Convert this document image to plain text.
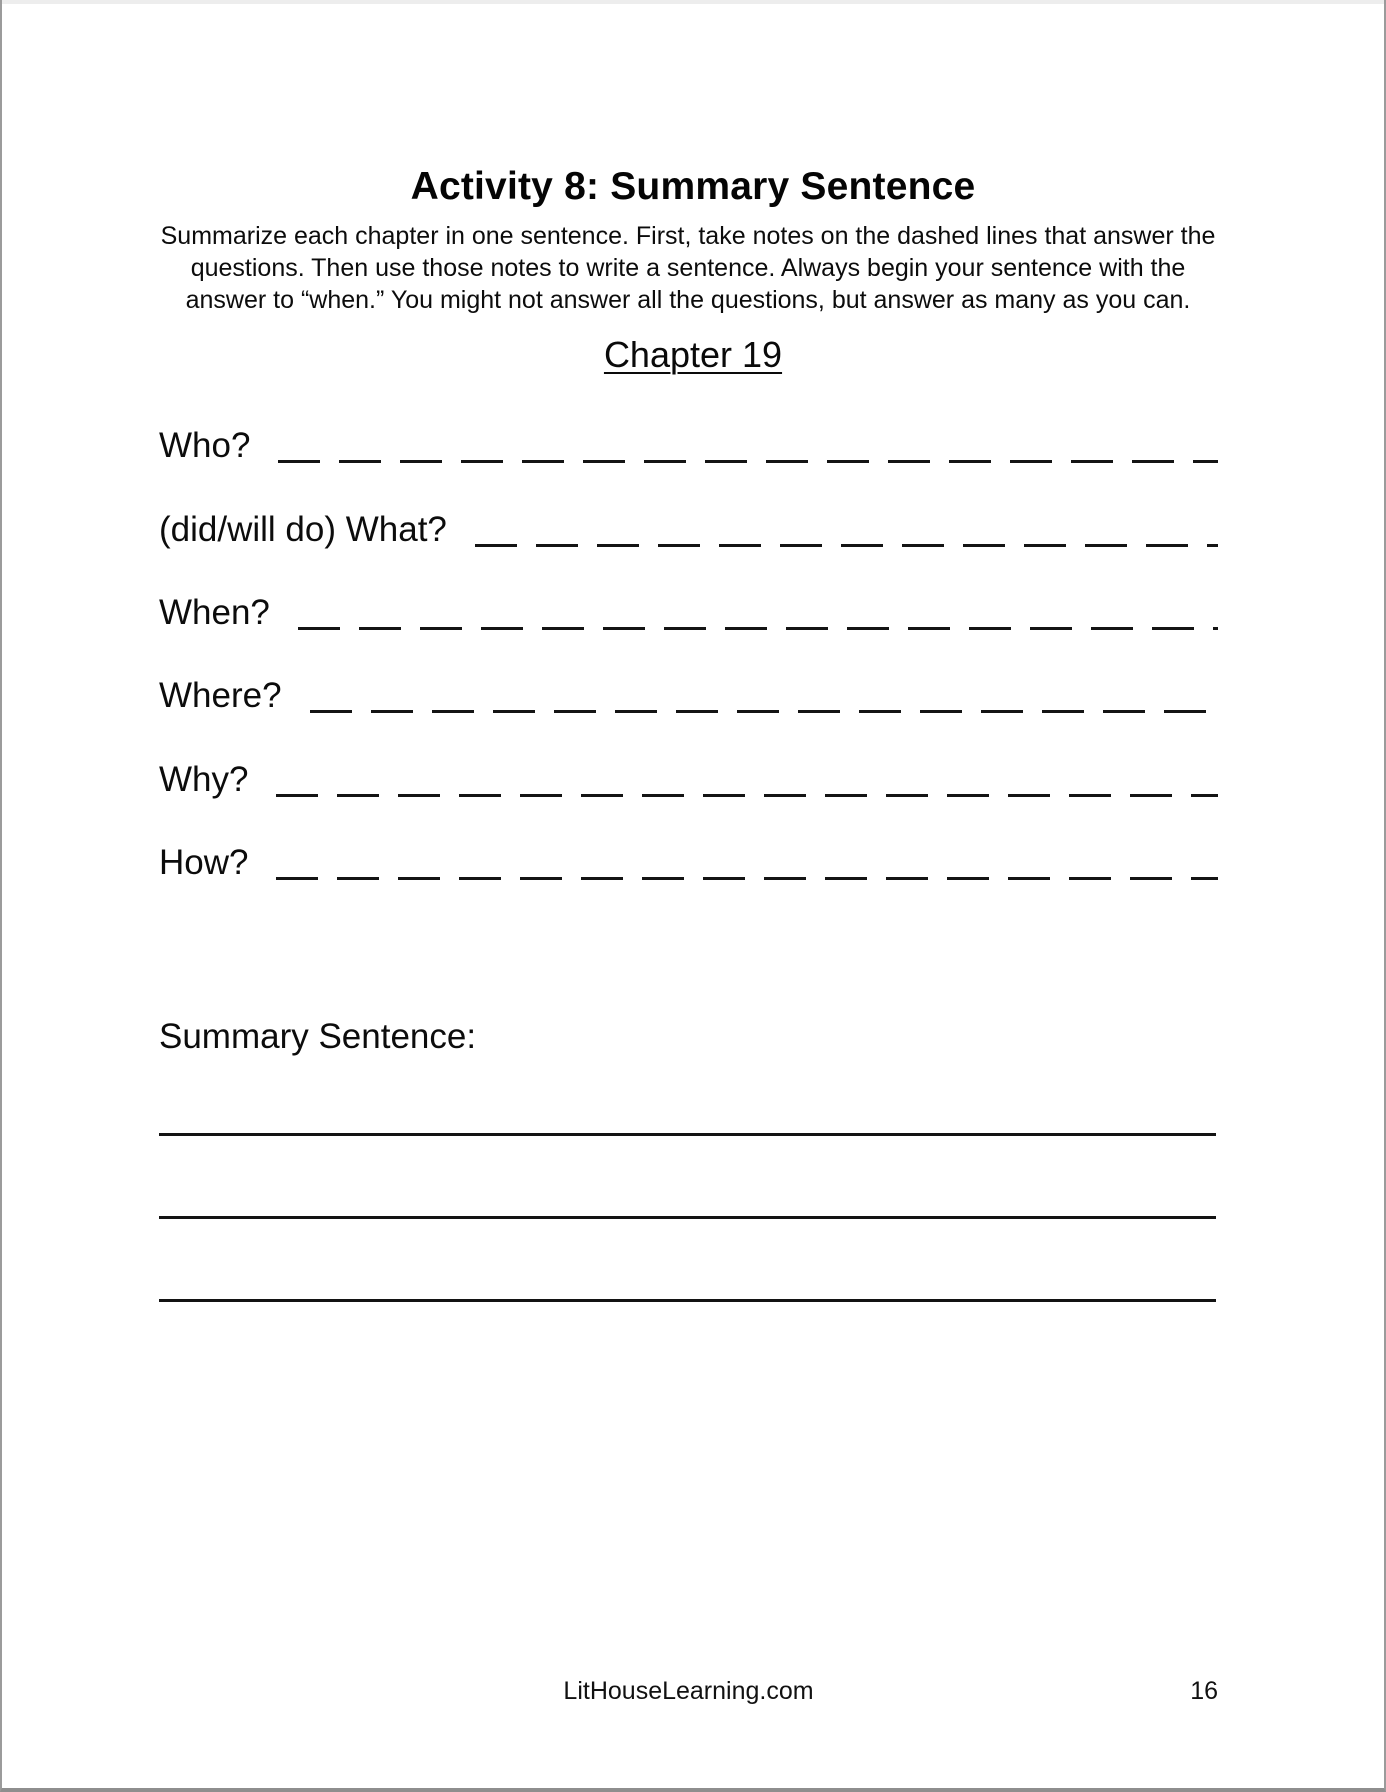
Activity 8: Summary Sentence
Summarize each chapter in one sentence. First, take notes on the dashed lines that answer the
questions. Then use those notes to write a sentence. Always begin your sentence with the
answer to “when.” You might not answer all the questions, but answer as many as you can.
Chapter 19
Who?
(did/will do) What?
When?
Where?
Why?
How?
Summary Sentence:
LitHouseLearning.com	16
